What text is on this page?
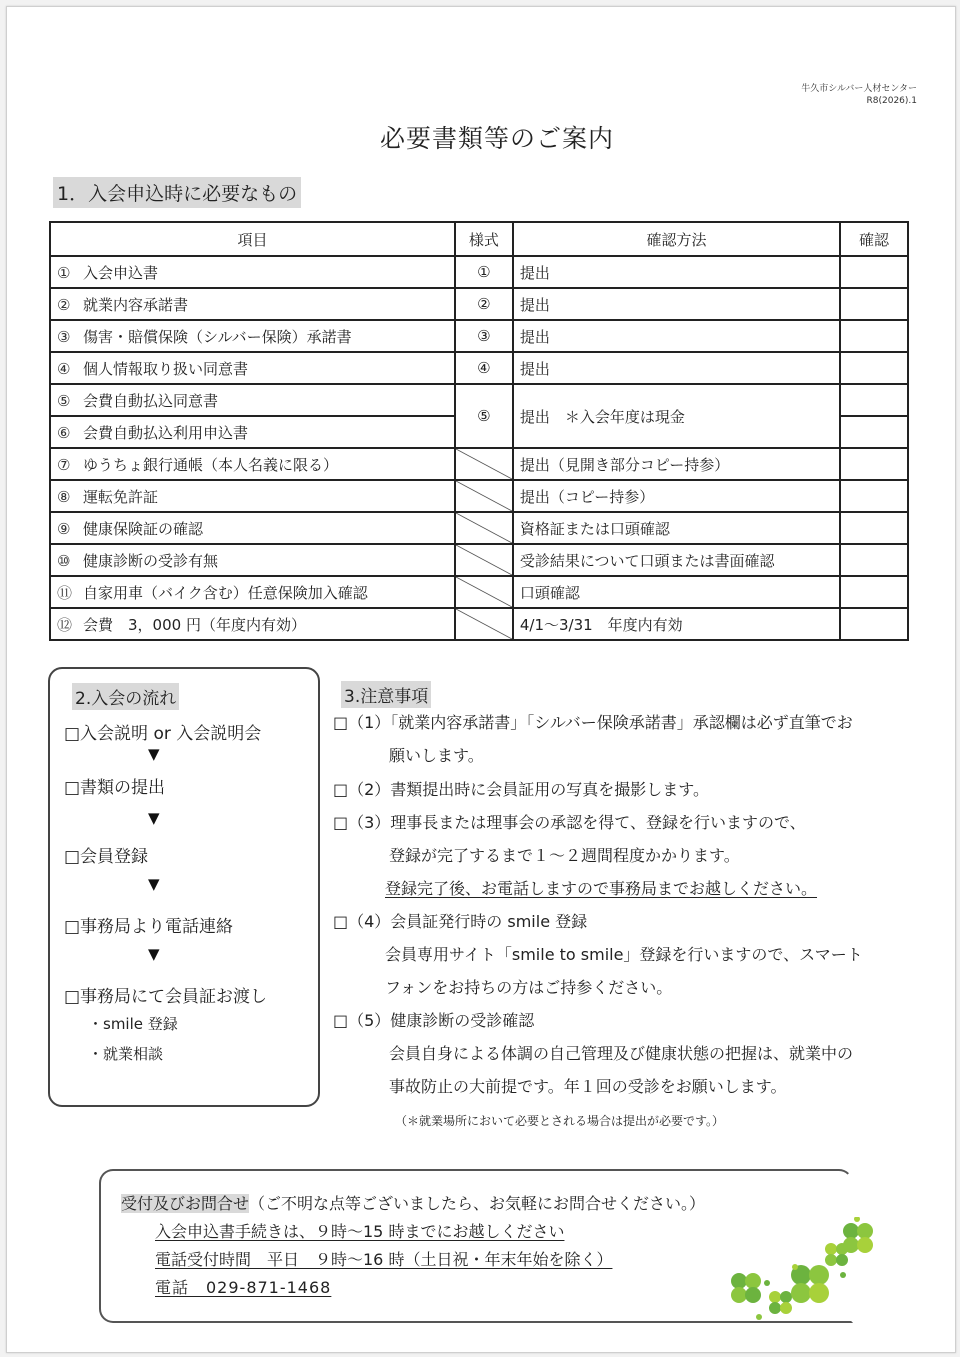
牛久市シルバー人材センター
R8(2026).1
必要書類等のご案内
1．入会申込時に必要なもの
項目	様式	確認方法	確認
① 入会申込書	①	提出	
② 就業内容承諾書	②	提出	
③ 傷害・賠償保険（シルバー保険）承諾書	③	提出	
④ 個人情報取り扱い同意書	④	提出	
⑤ 会費自動払込同意書	⑤	提出　＊入会年度は現金	
⑥ 会費自動払込利用申込書			
⑦ ゆうちょ銀行通帳（本人名義に限る）		提出（見開き部分コピー持参）	
⑧ 運転免許証		提出（コピー持参）	
⑨ 健康保険証の確認		資格証または口頭確認	
⑩ 健康診断の受診有無		受診結果について口頭または書面確認	
⑪ 自家用車（バイク含む）任意保険加入確認		口頭確認	
⑫ 会費　3，000 円（年度内有効）		4/1～3/31　年度内有効	
2.入会の流れ
□入会説明 or 入会説明会
▼
□書類の提出
▼
□会員登録
▼
□事務局より電話連絡
▼
□事務局にて会員証お渡し
・smile 登録
・就業相談
3.注意事項
□（1）「就業内容承諾書」「シルバー保険承諾書」承認欄は必ず直筆でお
願いします。
□（2）書類提出時に会員証用の写真を撮影します。
□（3）理事長または理事会の承認を得て、登録を行いますので、
登録が完了するまで１～２週間程度かかります。
登録完了後、お電話しますので事務局までお越しください。
□（4）会員証発行時の smile 登録
会員専用サイト「smile to smile」登録を行いますので、スマート
フォンをお持ちの方はご持参ください。
□（5）健康診断の受診確認
会員自身による体調の自己管理及び健康状態の把握は、就業中の
事故防止の大前提です。年１回の受診をお願いします。
（＊就業場所において必要とされる場合は提出が必要です。）
受付及びお問合せ（ご不明な点等ございましたら、お気軽にお問合せください。）
入会申込書手続きは、９時～15 時までにお越しください
電話受付時間　平日　９時～16 時（土日祝・年末年始を除く）
電話　029-871-1468
